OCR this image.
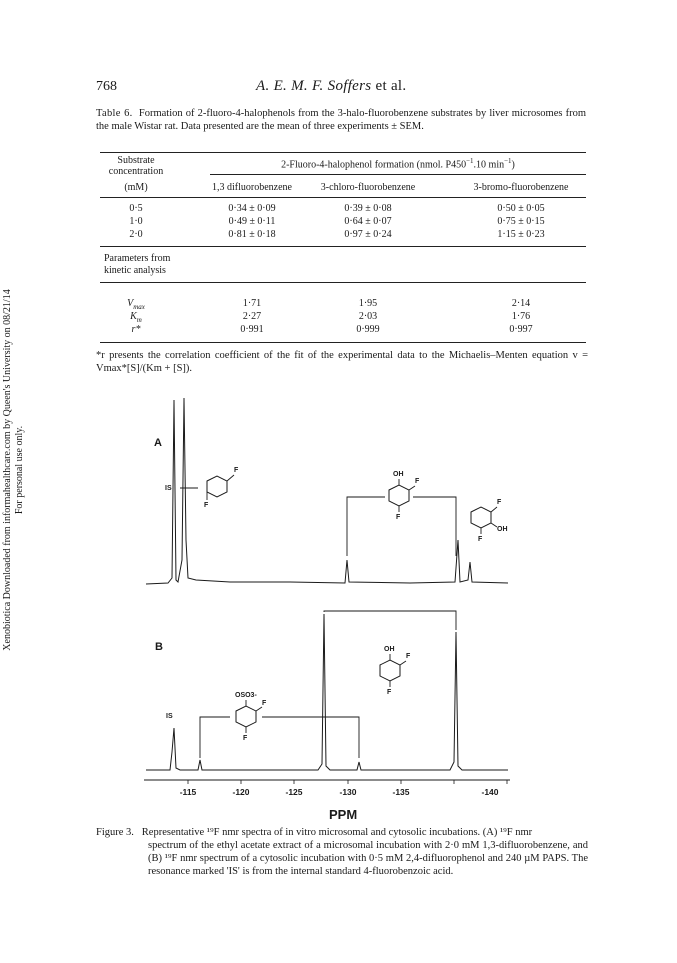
Xenobiotica Downloaded from informahealthcare.com by Queen's University on 08/21/14 For personal use only.
768	A. E. M. F. Soffers et al.
Table 6. Formation of 2-fluoro-4-halophenols from the 3-halo-fluorobenzene substrates by liver microsomes from the male Wistar rat. Data presented are the mean of three experiments ± SEM.
Substrate
concentration
(mM)
2-Fluoro-4-halophenol formation (nmol. $P450^{-1}.10$ $\min^{-1}$)
1,3 difluorobenzene	3-chloro-fluorobenzene	3-bromo-fluorobenzene
0·5	0·34 ± 0·09	0·39 ± 0·08	0·50 ± 0·05
1·0	0·49 ± 0·11	0·64 ± 0·07	0·75 ± 0·15
2·0	0·81 ± 0·18	0·97 ± 0·24	1·15 ± 0·23
Parameters from
kinetic analysis
$V_{max}$	1·71	1·95	2·14
$K_m$	2·27	2·03	1·76
r*	0·991	0·999	0·997
*r presents the correlation coefficient of the fit of the experimental data to the Michaelis–Menten equation v = Vmax*[S]/(Km + [S]).
A
B
IS
IS
F
F
OH
F
F
F
OH
F
OH
F
F
OSO3-
F
F
-115	-120	-125	-130	-135	-140
PPM
Figure 3. Representative ¹⁹F nmr spectra of in vitro microsomal and cytosolic incubations. (A) ¹⁹F nmr
spectrum of the ethyl acetate extract of a microsomal incubation with 2·0 mM 1,3-difluorobenzene, and (B) ¹⁹F nmr spectrum of a cytosolic incubation with 0·5 mM 2,4-difluorophenol and 240 µM PAPS. The resonance marked 'IS' is from the internal standard 4-fluorobenzoic acid.
